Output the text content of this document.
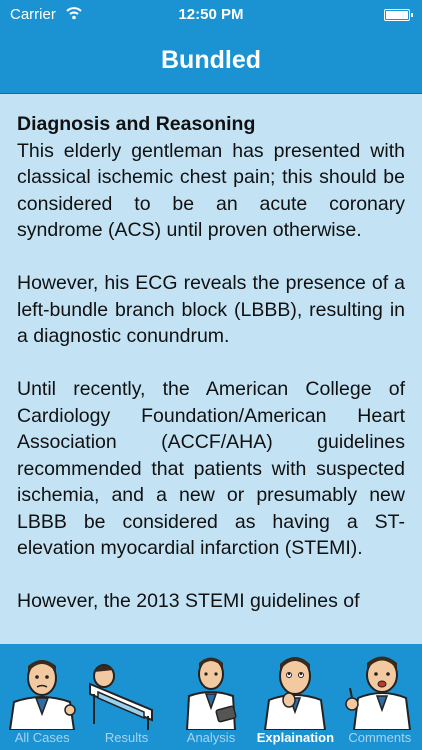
Carrier	12:50 PM
Bundled
Diagnosis and Reasoning

This elderly gentleman has presented with classical ischemic chest pain; this should be considered to be an acute coronary syndrome (ACS) until proven otherwise.

However, his ECG reveals the presence of a left-bundle branch block (LBBB), resulting in a diagnostic conundrum.

Until recently, the American College of Cardiology Foundation/American Heart Association (ACCF/AHA) guidelines recommended that patients with suspected ischemia, and a new or presumably new LBBB be considered as having a ST-elevation myocardial infarction (STEMI).

However, the 2013 STEMI guidelines of

All Cases	Results	Analysis	Explaination	Comments
